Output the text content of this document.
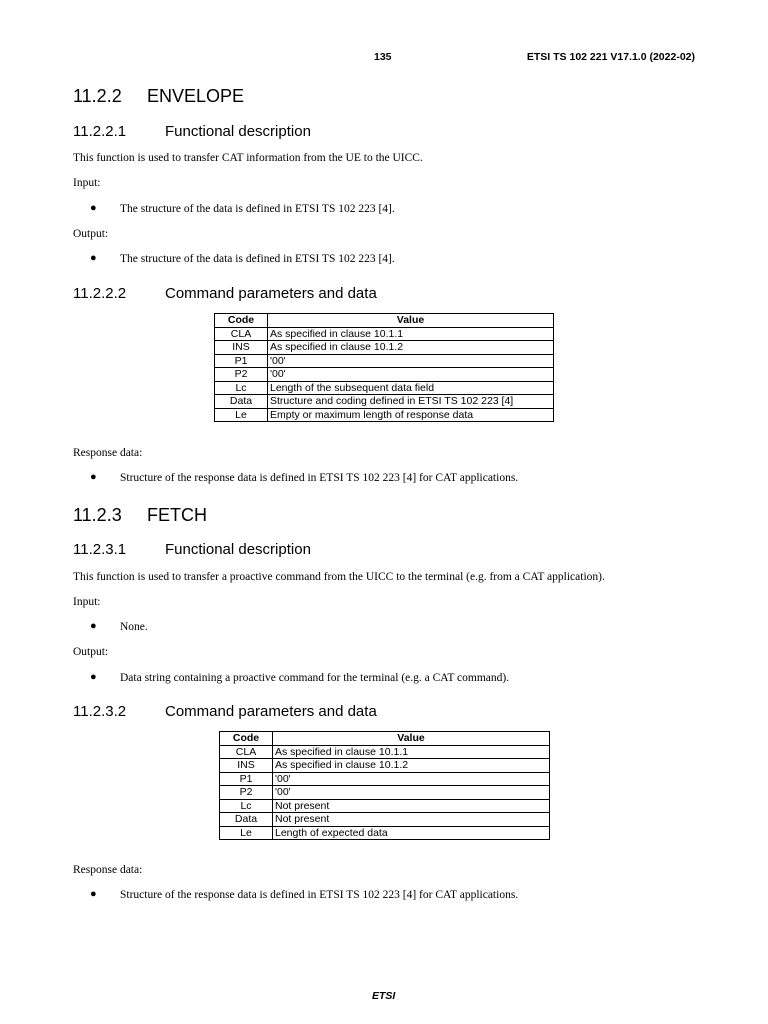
135	ETSI TS 102 221 V17.1.0 (2022-02)
11.2.2 ENVELOPE
11.2.2.1	Functional description
This function is used to transfer CAT information from the UE to the UICC.
Input:
● The structure of the data is defined in ETSI TS 102 223 [4].
Output:
● The structure of the data is defined in ETSI TS 102 223 [4].
11.2.2.2	Command parameters and data
Code	Value
CLA	As specified in clause 10.1.1
INS	As specified in clause 10.1.2
P1	'00'
P2	'00'
Lc	Length of the subsequent data field
Data	Structure and coding defined in ETSI TS 102 223 [4]
Le	Empty or maximum length of response data
Response data:
● Structure of the response data is defined in ETSI TS 102 223 [4] for CAT applications.
11.2.3 FETCH
11.2.3.1	Functional description
This function is used to transfer a proactive command from the UICC to the terminal (e.g. from a CAT application).
Input:
● None.
Output:
● Data string containing a proactive command for the terminal (e.g. a CAT command).
11.2.3.2	Command parameters and data
Code	Value
CLA	As specified in clause 10.1.1
INS	As specified in clause 10.1.2
P1	'00'
P2	'00'
Lc	Not present
Data	Not present
Le	Length of expected data
Response data:
● Structure of the response data is defined in ETSI TS 102 223 [4] for CAT applications.
ETSI
